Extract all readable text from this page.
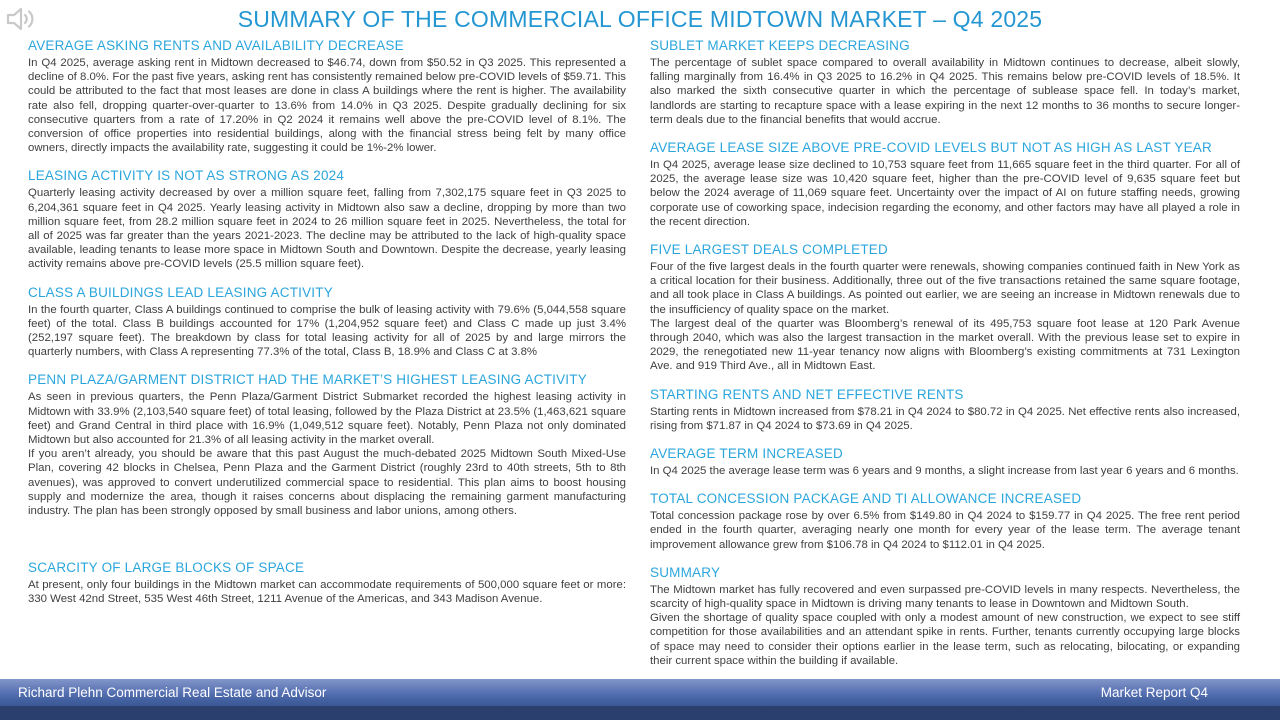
SUMMARY OF THE COMMERCIAL OFFICE MIDTOWN MARKET – Q4 2025
AVERAGE ASKING RENTS AND AVAILABILITY DECREASE

In Q4 2025, average asking rent in Midtown decreased to $46.74, down from $50.52 in Q3 2025. This represented a decline of 8.0%. For the past five years, asking rent has consistently remained below pre-COVID levels of $59.71. This could be attributed to the fact that most leases are done in class A buildings where the rent is higher. The availability rate also fell, dropping quarter-over-quarter to 13.6% from 14.0% in Q3 2025. Despite gradually declining for six consecutive quarters from a rate of 17.20% in Q2 2024 it remains well above the pre-COVID level of 8.1%. The conversion of office properties into residential buildings, along with the financial stress being felt by many office owners, directly impacts the availability rate, suggesting it could be 1%-2% lower.

LEASING ACTIVITY IS NOT AS STRONG AS 2024

Quarterly leasing activity decreased by over a million square feet, falling from 7,302,175 square feet in Q3 2025 to 6,204,361 square feet in Q4 2025. Yearly leasing activity in Midtown also saw a decline, dropping by more than two million square feet, from 28.2 million square feet in 2024 to 26 million square feet in 2025. Nevertheless, the total for all of 2025 was far greater than the years 2021-2023. The decline may be attributed to the lack of high-quality space available, leading tenants to lease more space in Midtown South and Downtown. Despite the decrease, yearly leasing activity remains above pre-COVID levels (25.5 million square feet).

CLASS A BUILDINGS LEAD LEASING ACTIVITY

In the fourth quarter, Class A buildings continued to comprise the bulk of leasing activity with 79.6% (5,044,558 square feet) of the total. Class B buildings accounted for 17% (1,204,952 square feet) and Class C made up just 3.4% (252,197 square feet). The breakdown by class for total leasing activity for all of 2025 by and large mirrors the quarterly numbers, with Class A representing 77.3% of the total, Class B, 18.9% and Class C at 3.8%

PENN PLAZA/GARMENT DISTRICT HAD THE MARKET’S HIGHEST LEASING ACTIVITY

As seen in previous quarters, the Penn Plaza/Garment District Submarket recorded the highest leasing activity in Midtown with 33.9% (2,103,540 square feet) of total leasing, followed by the Plaza District at 23.5% (1,463,621 square feet) and Grand Central in third place with 16.9% (1,049,512 square feet). Notably, Penn Plaza not only dominated Midtown but also accounted for 21.3% of all leasing activity in the market overall.

If you aren’t already, you should be aware that this past August the much-debated 2025 Midtown South Mixed-Use Plan, covering 42 blocks in Chelsea, Penn Plaza and the Garment District (roughly 23rd to 40th streets, 5th to 8th avenues), was approved to convert underutilized commercial space to residential. This plan aims to boost housing supply and modernize the area, though it raises concerns about displacing the remaining garment manufacturing industry. The plan has been strongly opposed by small business and labor unions, among others.

SCARCITY OF LARGE BLOCKS OF SPACE

At present, only four buildings in the Midtown market can accommodate requirements of 500,000 square feet or more: 330 West 42nd Street, 535 West 46th Street, 1211 Avenue of the Americas, and 343 Madison Avenue.

SUBLET MARKET KEEPS DECREASING

The percentage of sublet space compared to overall availability in Midtown continues to decrease, albeit slowly, falling marginally from 16.4% in Q3 2025 to 16.2% in Q4 2025. This remains below pre-COVID levels of 18.5%. It also marked the sixth consecutive quarter in which the percentage of sublease space fell. In today’s market, landlords are starting to recapture space with a lease expiring in the next 12 months to 36 months to secure longer-term deals due to the financial benefits that would accrue.

AVERAGE LEASE SIZE ABOVE PRE-COVID LEVELS BUT NOT AS HIGH AS LAST YEAR

In Q4 2025, average lease size declined to 10,753 square feet from 11,665 square feet in the third quarter. For all of 2025, the average lease size was 10,420 square feet, higher than the pre-COVID level of 9,635 square feet but below the 2024 average of 11,069 square feet. Uncertainty over the impact of AI on future staffing needs, growing corporate use of coworking space, indecision regarding the economy, and other factors may have all played a role in the recent direction.

FIVE LARGEST DEALS COMPLETED

Four of the five largest deals in the fourth quarter were renewals, showing companies continued faith in New York as a critical location for their business. Additionally, three out of the five transactions retained the same square footage, and all took place in Class A buildings. As pointed out earlier, we are seeing an increase in Midtown renewals due to the insufficiency of quality space on the market.

The largest deal of the quarter was Bloomberg’s renewal of its 495,753 square foot lease at 120 Park Avenue through 2040, which was also the largest transaction in the market overall. With the previous lease set to expire in 2029, the renegotiated new 11-year tenancy now aligns with Bloomberg’s existing commitments at 731 Lexington Ave. and 919 Third Ave., all in Midtown East.

STARTING RENTS AND NET EFFECTIVE RENTS

Starting rents in Midtown increased from $78.21 in Q4 2024 to $80.72 in Q4 2025. Net effective rents also increased, rising from $71.87 in Q4 2024 to $73.69 in Q4 2025.

AVERAGE TERM INCREASED

In Q4 2025 the average lease term was 6 years and 9 months, a slight increase from last year 6 years and 6 months.

TOTAL CONCESSION PACKAGE AND TI ALLOWANCE INCREASED

Total concession package rose by over 6.5% from $149.80 in Q4 2024 to $159.77 in Q4 2025. The free rent period ended in the fourth quarter, averaging nearly one month for every year of the lease term. The average tenant improvement allowance grew from $106.78 in Q4 2024 to $112.01 in Q4 2025.

SUMMARY

The Midtown market has fully recovered and even surpassed pre-COVID levels in many respects. Nevertheless, the scarcity of high-quality space in Midtown is driving many tenants to lease in Downtown and Midtown South.

Given the shortage of quality space coupled with only a modest amount of new construction, we expect to see stiff competition for those availabilities and an attendant spike in rents. Further, tenants currently occupying large blocks of space may need to consider their options earlier in the lease term, such as relocating, bilocating, or expanding their current space within the building if available.

Richard Plehn Commercial Real Estate and Advisor	Market Report Q4
